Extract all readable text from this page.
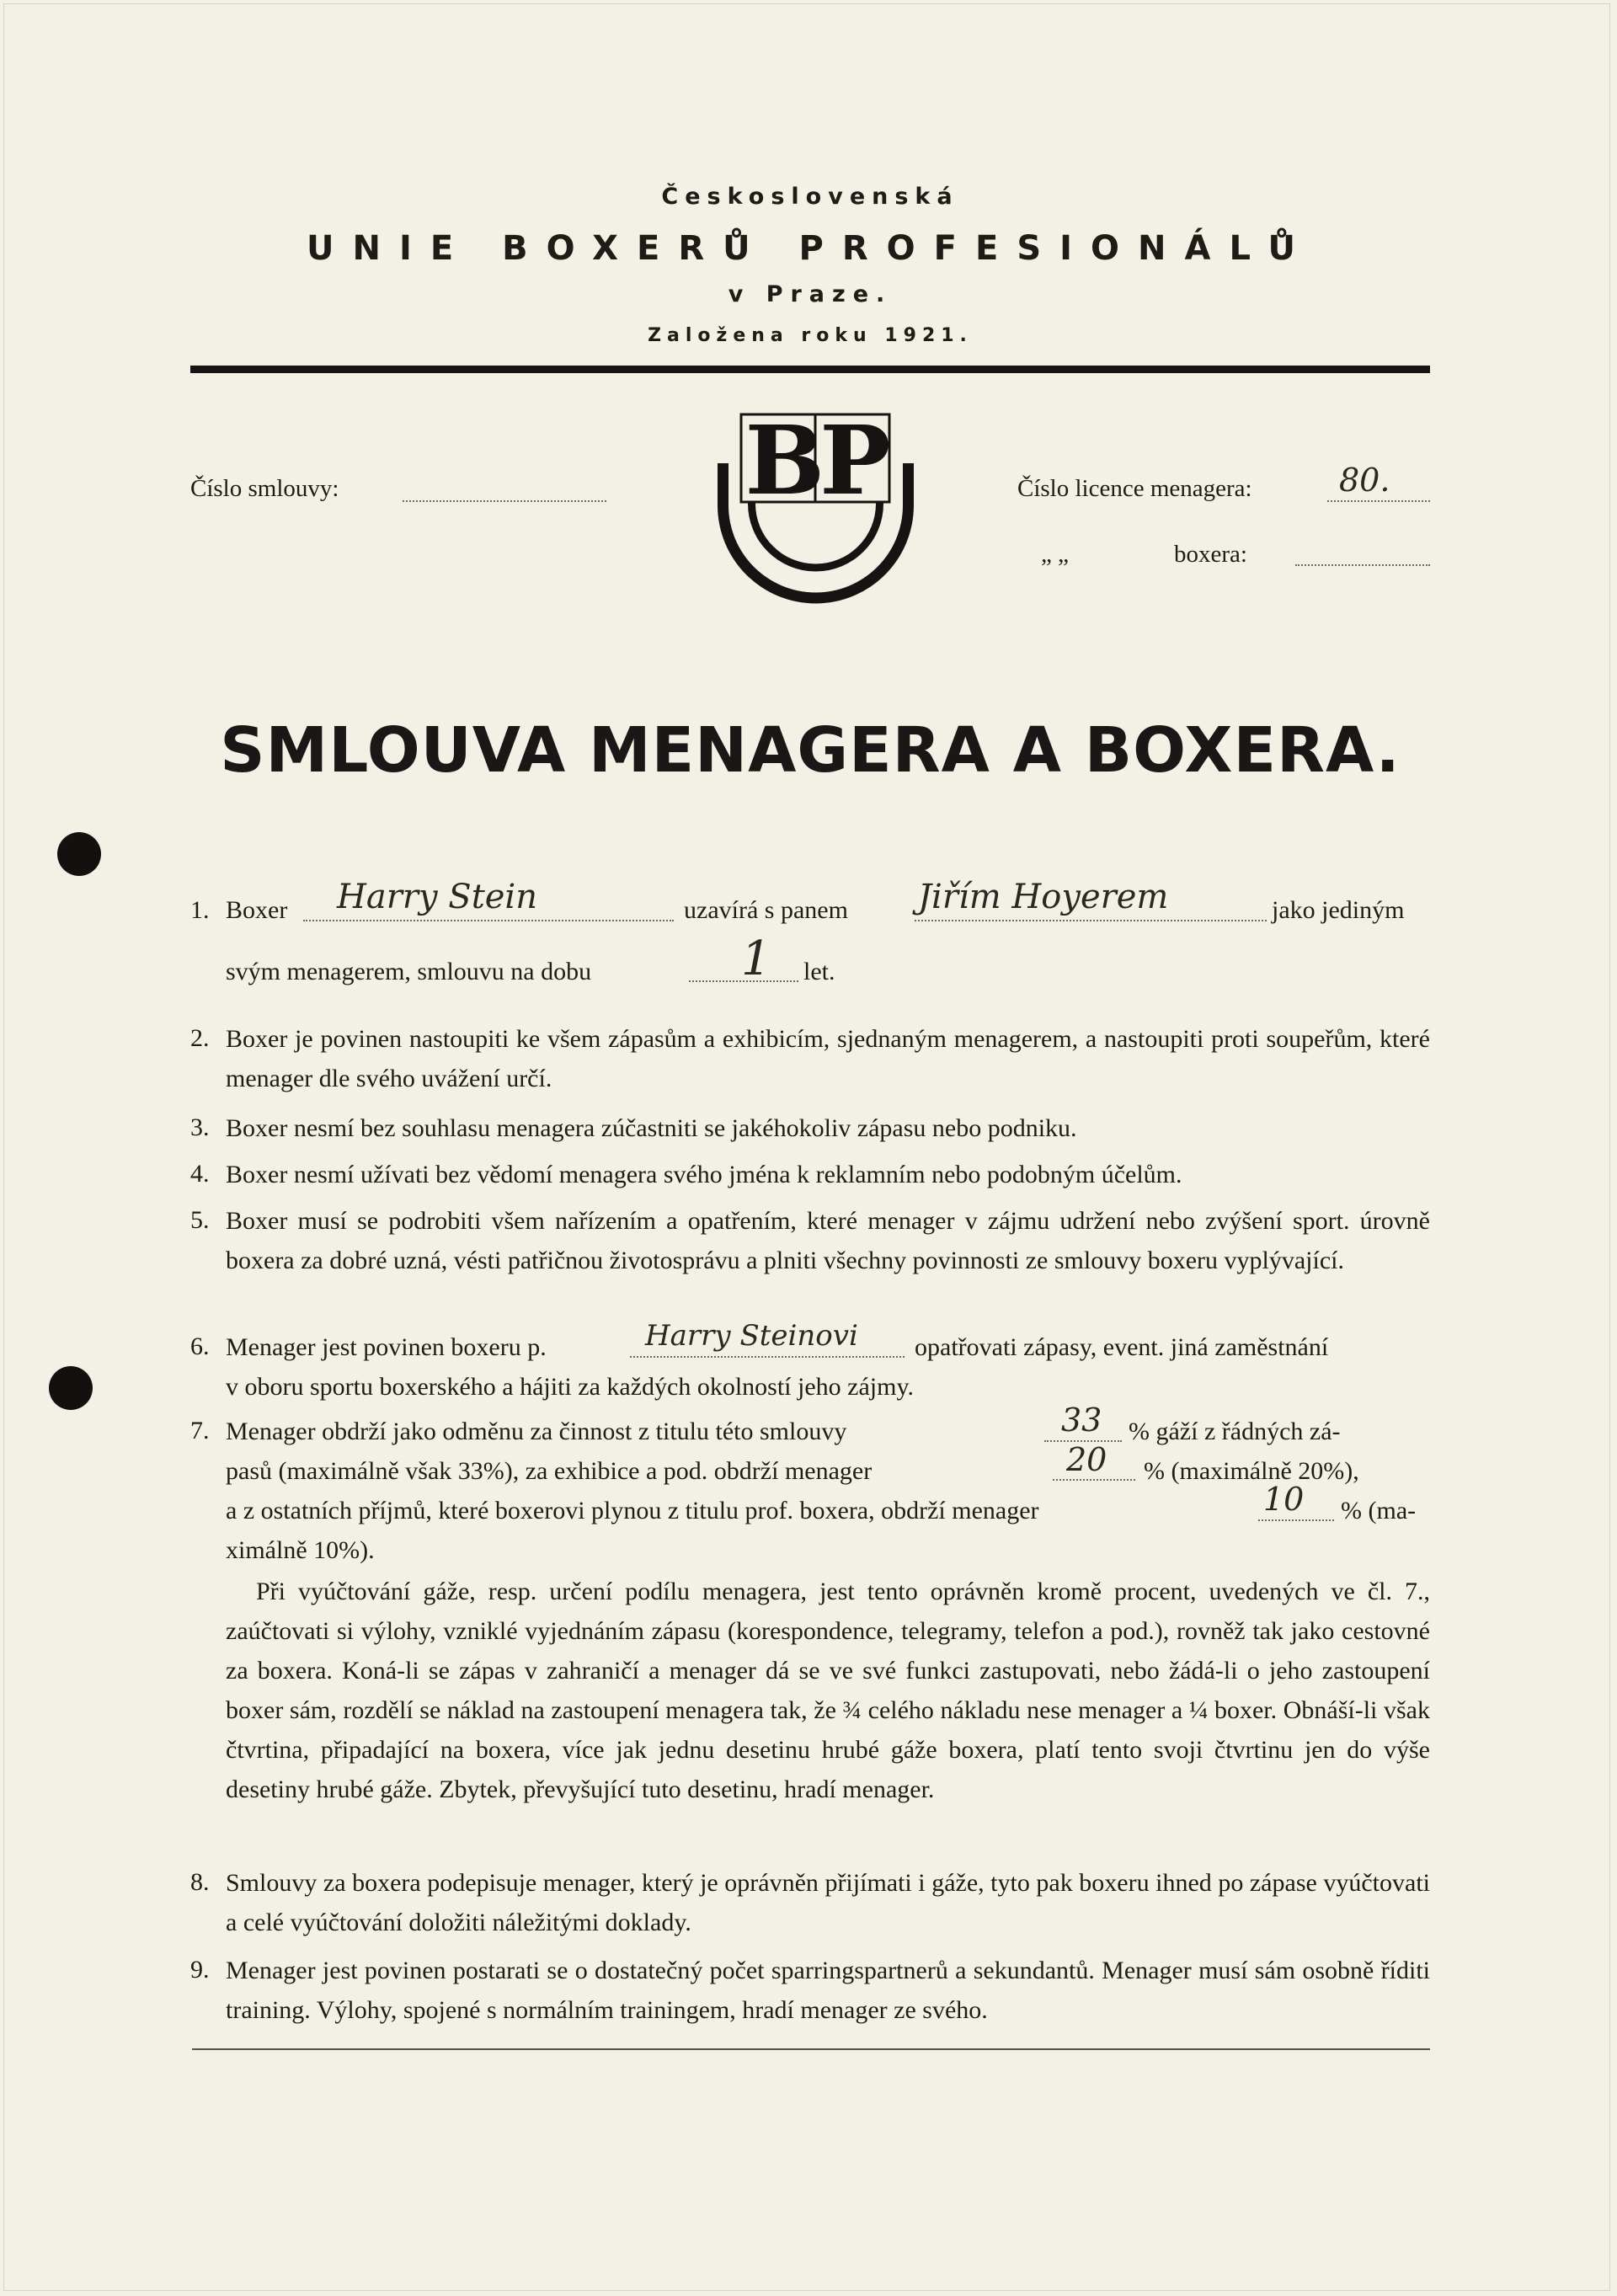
Československá
UNIE BOXERŮ PROFESIONÁLŮ
v Praze.
Založena roku 1921.
BP
Číslo smlouvy:	Číslo licence menagera:	80.
„ „	boxera:
SMLOUVA MENAGERA A BOXERA.
1. Boxer Harry Stein	uzavírá s panem Jiřím Hoyerem	jako jediným
svým menagerem, smlouvu na dobu	1 let.
2. Boxer je povinen nastoupiti ke všem zápasům a exhibicím, sjednaným menagerem, a nastoupiti proti soupeřům, které menager dle svého uvážení určí.
3. Boxer nesmí bez souhlasu menagera zúčastniti se jakéhokoliv zápasu nebo podniku.
4. Boxer nesmí užívati bez vědomí menagera svého jména k reklamním nebo podobným účelům.
5. Boxer musí se podrobiti všem nařízením a opatřením, které menager v zájmu udržení nebo zvýšení sport. úrovně boxera za dobré uzná, vésti patřičnou životosprávu a plniti všechny povinnosti ze smlouvy boxeru vyplývající.
6. Menager jest povinen boxeru p.	Harry Steinovi opatřovati zápasy, event. jiná zaměstnání
v oboru sportu boxerského a hájiti za každých okolností jeho zájmy.
7. Menager obdrží jako odměnu za činnost z titulu této smlouvy	33 % gáží z řádných zá-
pasů (maximálně však 33%), za exhibice a pod. obdrží menager	20 % (maximálně 20%),
a z ostatních příjmů, které boxerovi plynou z titulu prof. boxera, obdrží menager	10 % (ma-
ximálně 10%).
Při vyúčtování gáže, resp. určení podílu menagera, jest tento oprávněn kromě procent, uvedených ve čl. 7., zaúčtovati si výlohy, vzniklé vyjednáním zápasu (korespondence, telegramy, telefon a pod.), rovněž tak jako cestovné za boxera. Koná-li se zápas v zahraničí a menager dá se ve své funkci zastupovati, nebo žádá-li o jeho zastoupení boxer sám, rozdělí se náklad na zastoupení menagera tak, že ¾ celého nákladu nese menager a ¼ boxer. Obnáší-li však čtvrtina, připadající na boxera, více jak jednu desetinu hrubé gáže boxera, platí tento svoji čtvrtinu jen do výše desetiny hrubé gáže. Zbytek, převyšující tuto desetinu, hradí menager.
8. Smlouvy za boxera podepisuje menager, který je oprávněn přijímati i gáže, tyto pak boxeru ihned po zápase vyúčtovati a celé vyúčtování doložiti náležitými doklady.
9. Menager jest povinen postarati se o dostatečný počet sparringspartnerů a sekundantů. Menager musí sám osobně říditi training. Výlohy, spojené s normálním trainingem, hradí menager ze svého.
